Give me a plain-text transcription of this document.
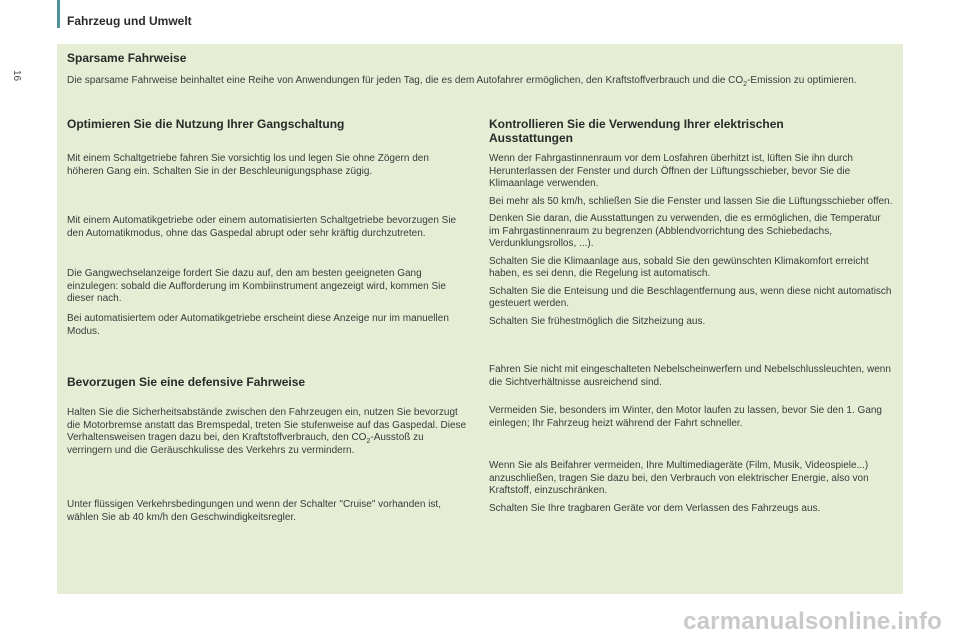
Fahrzeug und Umwelt
16
Sparsame Fahrweise

Die sparsame Fahrweise beinhaltet eine Reihe von Anwendungen für jeden Tag, die es dem Autofahrer ermöglichen, den Kraftstoffverbrauch und die $CO_2$-Emission zu optimieren.

Optimieren Sie die Nutzung Ihrer Gangschaltung

Mit einem Schaltgetriebe fahren Sie vorsichtig los und legen Sie ohne Zögern den höheren Gang ein. Schalten Sie in der Beschleunigungsphase zügig.

Mit einem Automatikgetriebe oder einem automatisierten Schaltgetriebe bevorzugen Sie den Automatikmodus, ohne das Gaspedal abrupt oder sehr kräftig durchzutreten.

Die Gangwechselanzeige fordert Sie dazu auf, den am besten geeigneten Gang einzulegen: sobald die Aufforderung im Kombiinstrument angezeigt wird, kommen Sie dieser nach.

Bei automatisiertem oder Automatikgetriebe erscheint diese Anzeige nur im manuellen Modus.

Bevorzugen Sie eine defensive Fahrweise

Halten Sie die Sicherheitsabstände zwischen den Fahrzeugen ein, nutzen Sie bevorzugt die Motorbremse anstatt das Bremspedal, treten Sie stufenweise auf das Gaspedal. Diese Verhaltensweisen tragen dazu bei, den Kraftstoffverbrauch, den $CO_2$-Ausstoß zu verringern und die Geräuschkulisse des Verkehrs zu vermindern.

Unter flüssigen Verkehrsbedingungen und wenn der Schalter "Cruise" vorhanden ist, wählen Sie ab 40 km/h den Geschwindigkeitsregler.

Kontrollieren Sie die Verwendung Ihrer elektrischen Ausstattungen

Wenn der Fahrgastinnenraum vor dem Losfahren überhitzt ist, lüften Sie ihn durch Herunterlassen der Fenster und durch Öffnen der Lüftungsschieber, bevor Sie die Klimaanlage verwenden.

Bei mehr als 50 km/h, schließen Sie die Fenster und lassen Sie die Lüftungsschieber offen.

Denken Sie daran, die Ausstattungen zu verwenden, die es ermöglichen, die Temperatur im Fahrgastinnenraum zu begrenzen (Abblendvorrichtung des Schiebedachs, Verdunklungsrollos, ...).

Schalten Sie die Klimaanlage aus, sobald Sie den gewünschten Klimakomfort erreicht haben, es sei denn, die Regelung ist automatisch.

Schalten Sie die Enteisung und die Beschlagentfernung aus, wenn diese nicht automatisch gesteuert werden.

Schalten Sie frühestmöglich die Sitzheizung aus.

Fahren Sie nicht mit eingeschalteten Nebelscheinwerfern und Nebelschlussleuchten, wenn die Sichtverhältnisse ausreichend sind.

Vermeiden Sie, besonders im Winter, den Motor laufen zu lassen, bevor Sie den 1. Gang einlegen; Ihr Fahrzeug heizt während der Fahrt schneller.

Wenn Sie als Beifahrer vermeiden, Ihre Multimediageräte (Film, Musik, Videospiele...) anzuschließen, tragen Sie dazu bei, den Verbrauch von elektrischer Energie, also von Kraftstoff, einzuschränken.

Schalten Sie Ihre tragbaren Geräte vor dem Verlassen des Fahrzeugs aus.

carmanualsonline.info
